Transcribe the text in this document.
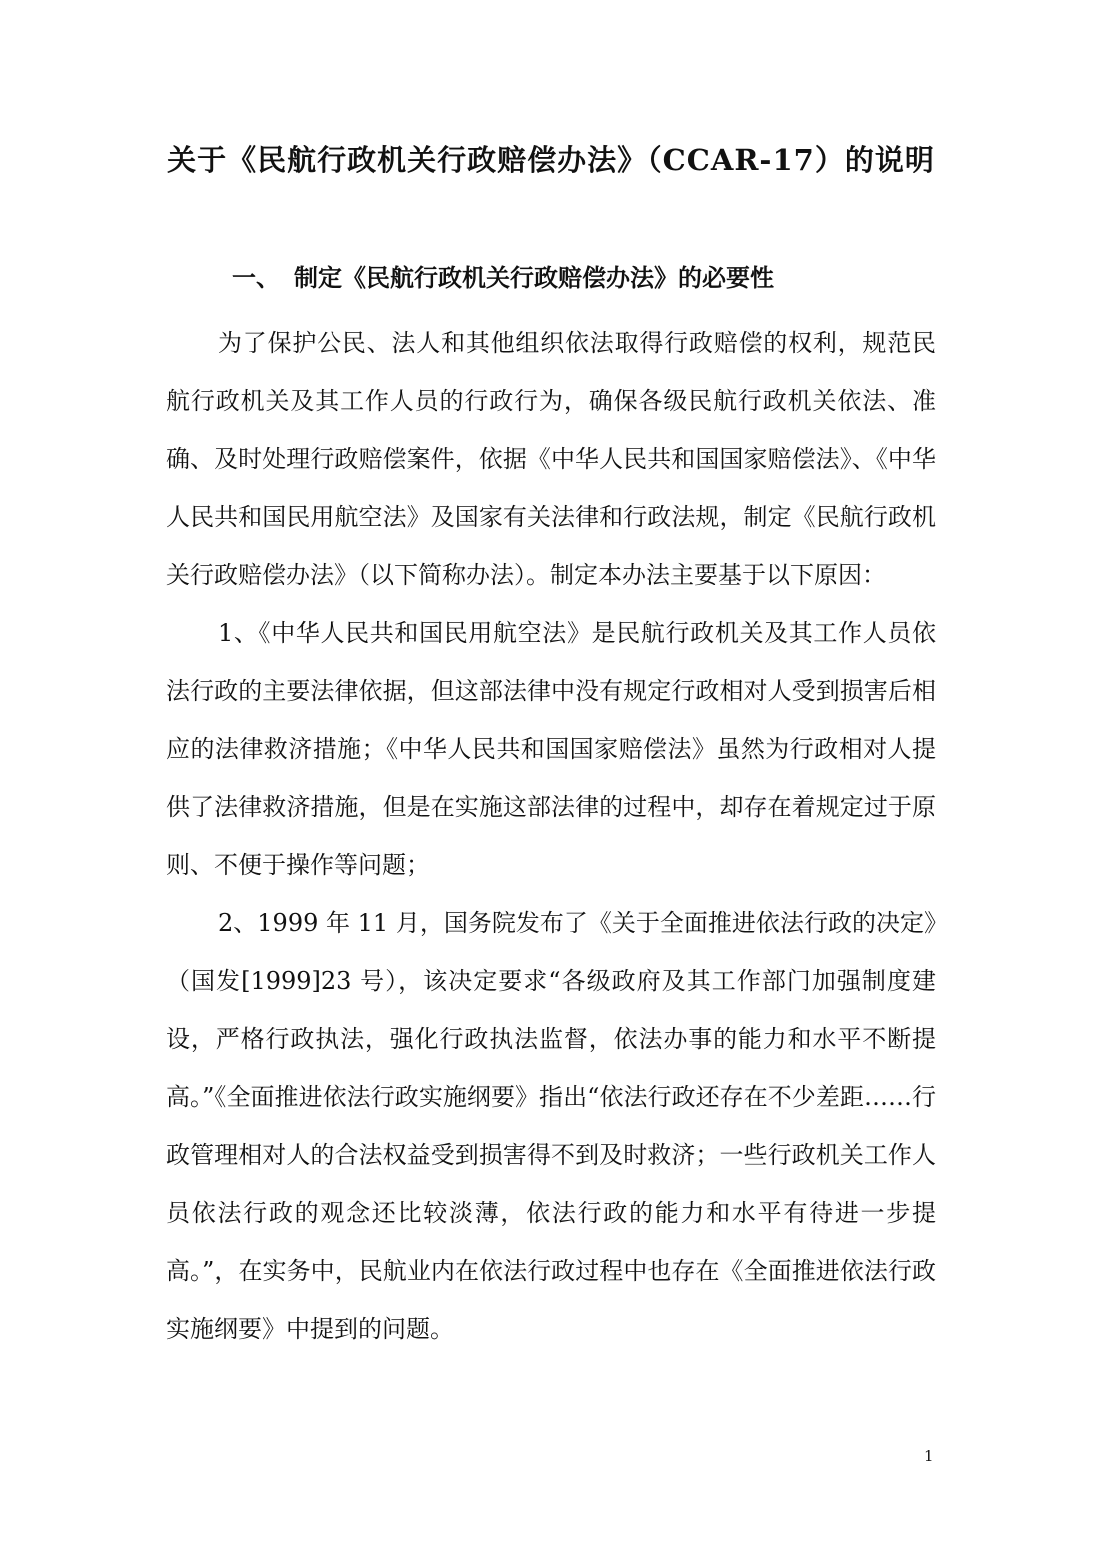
关于《民航行政机关行政赔偿办法》（CCAR-17）的说明
一、 制定《民航行政机关行政赔偿办法》的必要性

为了保护公民、法人和其他组织依法取得行政赔偿的权利，规范民航行政机关及其工作人员的行政行为，确保各级民航行政机关依法、准确、及时处理行政赔偿案件，依据《中华人民共和国国家赔偿法》、《中华人民共和国民用航空法》及国家有关法律和行政法规，制定《民航行政机关行政赔偿办法》（以下简称办法）。制定本办法主要基于以下原因：

1、《中华人民共和国民用航空法》是民航行政机关及其工作人员依法行政的主要法律依据，但这部法律中没有规定行政相对人受到损害后相应的法律救济措施；《中华人民共和国国家赔偿法》虽然为行政相对人提供了法律救济措施，但是在实施这部法律的过程中，却存在着规定过于原则、不便于操作等问题；

2、1999 年 11 月，国务院发布了《关于全面推进依法行政的决定》（国发[1999]23 号），该决定要求“各级政府及其工作部门加强制度建设，严格行政执法，强化行政执法监督，依法办事的能力和水平不断提高。”《全面推进依法行政实施纲要》指出“依法行政还存在不少差距……行政管理相对人的合法权益受到损害得不到及时救济；一些行政机关工作人员依法行政的观念还比较淡薄，依法行政的能力和水平有待进一步提高。”，在实务中，民航业内在依法行政过程中也存在《全面推进依法行政实施纲要》中提到的问题。

1
